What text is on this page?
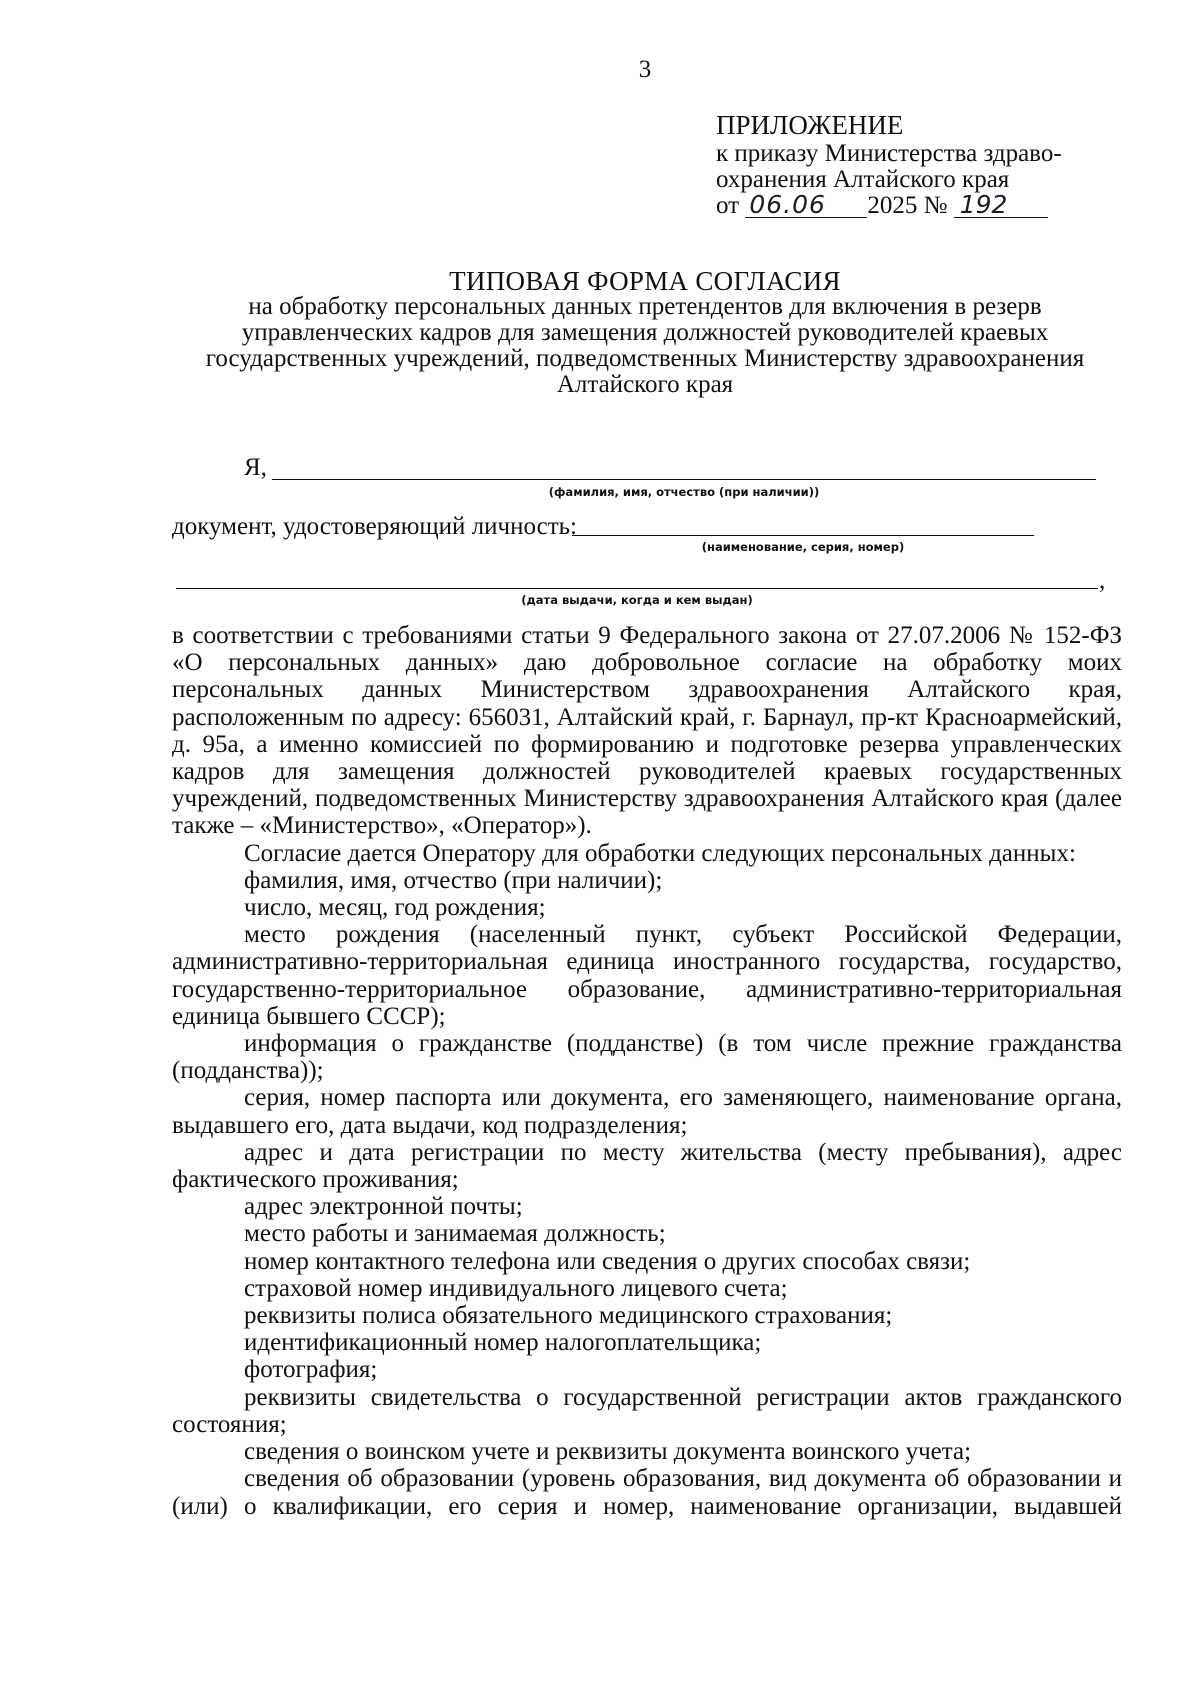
3
ПРИЛОЖЕНИЕ
к приказу Министерства здраво-
охранения Алтайского края
от 06.06 2025 № 192
ТИПОВАЯ ФОРМА СОГЛАСИЯ
на обработку персональных данных претендентов для включения в резерв
управленческих кадров для замещения должностей руководителей краевых
государственных учреждений, подведомственных Министерству здравоохранения
Алтайского края
Я,
(фамилия, имя, отчество (при наличии))
документ, удостоверяющий личность:
(наименование, серия, номер)
,
(дата выдачи, когда и кем выдан)

в соответствии с требованиями статьи 9 Федерального закона от 27.07.2006 № 152-ФЗ «О персональных данных» даю добровольное согласие на обработку моих персональных данных Министерством здравоохранения Алтайского края, расположенным по адресу: 656031, Алтайский край, г. Барнаул, пр-кт Красноармейский, д. 95а, а именно комиссией по формированию и подготовке резерва управленческих кадров для замещения должностей руководителей краевых государственных учреждений, подведомственных Министерству здравоохранения Алтайского края (далее также – «Министерство», «Оператор»).

Согласие дается Оператору для обработки следующих персональных данных:

фамилия, имя, отчество (при наличии);

число, месяц, год рождения;

место рождения (населенный пункт, субъект Российской Федерации, административно-территориальная единица иностранного государства, государство, государственно-территориальное образование, административно-территориальная единица бывшего СССР);

информация о гражданстве (подданстве) (в том числе прежние гражданства (подданства));

серия, номер паспорта или документа, его заменяющего, наименование органа, выдавшего его, дата выдачи, код подразделения;

адрес и дата регистрации по месту жительства (месту пребывания), адрес фактического проживания;

адрес электронной почты;

место работы и занимаемая должность;

номер контактного телефона или сведения о других способах связи;

страховой номер индивидуального лицевого счета;

реквизиты полиса обязательного медицинского страхования;

идентификационный номер налогоплательщика;

фотография;

реквизиты свидетельства о государственной регистрации актов гражданского состояния;

сведения о воинском учете и реквизиты документа воинского учета;

сведения об образовании (уровень образования, вид документа об образовании и (или) о квалификации, его серия и номер, наименование организации, выдавшей
